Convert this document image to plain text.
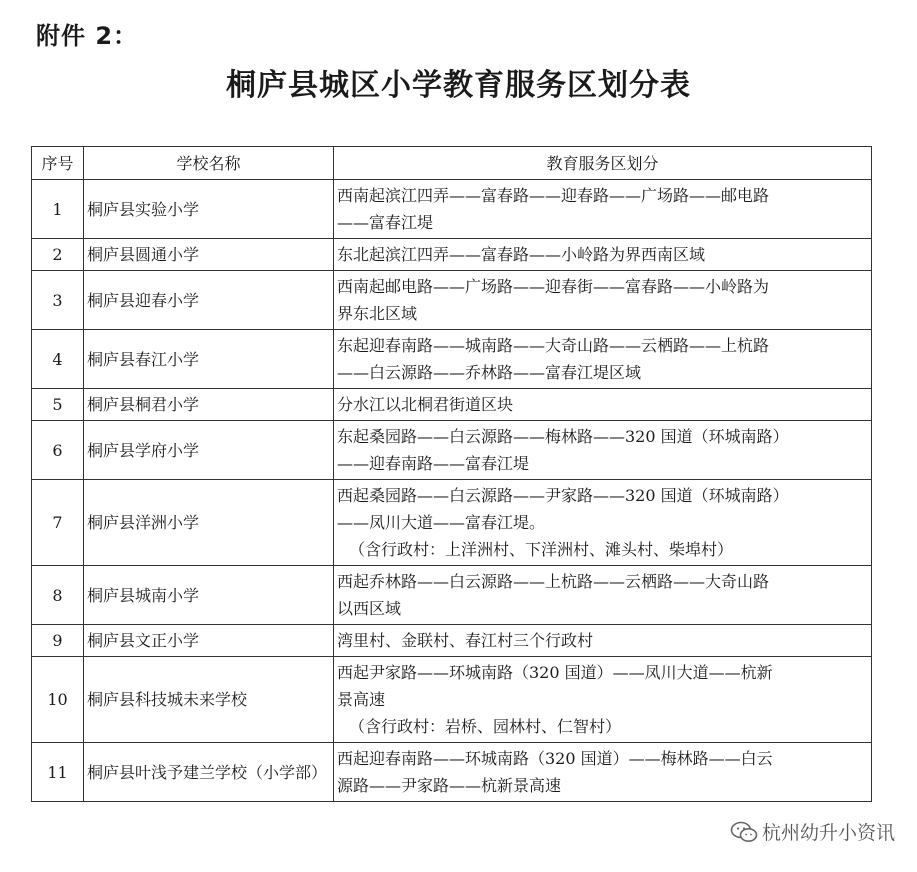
附件 2：
桐庐县城区小学教育服务区划分表
序号	学校名称	教育服务区划分
1	桐庐县实验小学	西南起滨江四弄——富春路——迎春路——广场路——邮电路
——富春江堤

2	桐庐县圆通小学	东北起滨江四弄——富春路——小岭路为界西南区域

3	桐庐县迎春小学	西南起邮电路——广场路——迎春街——富春路——小岭路为
界东北区域

4	桐庐县春江小学	东起迎春南路——城南路——大奇山路——云栖路——上杭路
——白云源路——乔林路——富春江堤区域

5	桐庐县桐君小学	分水江以北桐君街道区块

6	桐庐县学府小学	东起桑园路——白云源路——梅林路——320 国道（环城南路）
——迎春南路——富春江堤

7	桐庐县洋洲小学	西起桑园路——白云源路——尹家路——320 国道（环城南路）
——凤川大道——富春江堤。
（含行政村：上洋洲村、下洋洲村、滩头村、柴埠村）

8	桐庐县城南小学	西起乔林路——白云源路——上杭路——云栖路——大奇山路
以西区域

9	桐庐县文正小学	湾里村、金联村、春江村三个行政村

10	桐庐县科技城未来学校	西起尹家路——环城南路（320 国道）——凤川大道——杭新
景高速
（含行政村：岩桥、园林村、仁智村）

11	桐庐县叶浅予建兰学校（小学部）	西起迎春南路——环城南路（320 国道）——梅林路——白云
源路——尹家路——杭新景高速
杭州幼升小资讯
